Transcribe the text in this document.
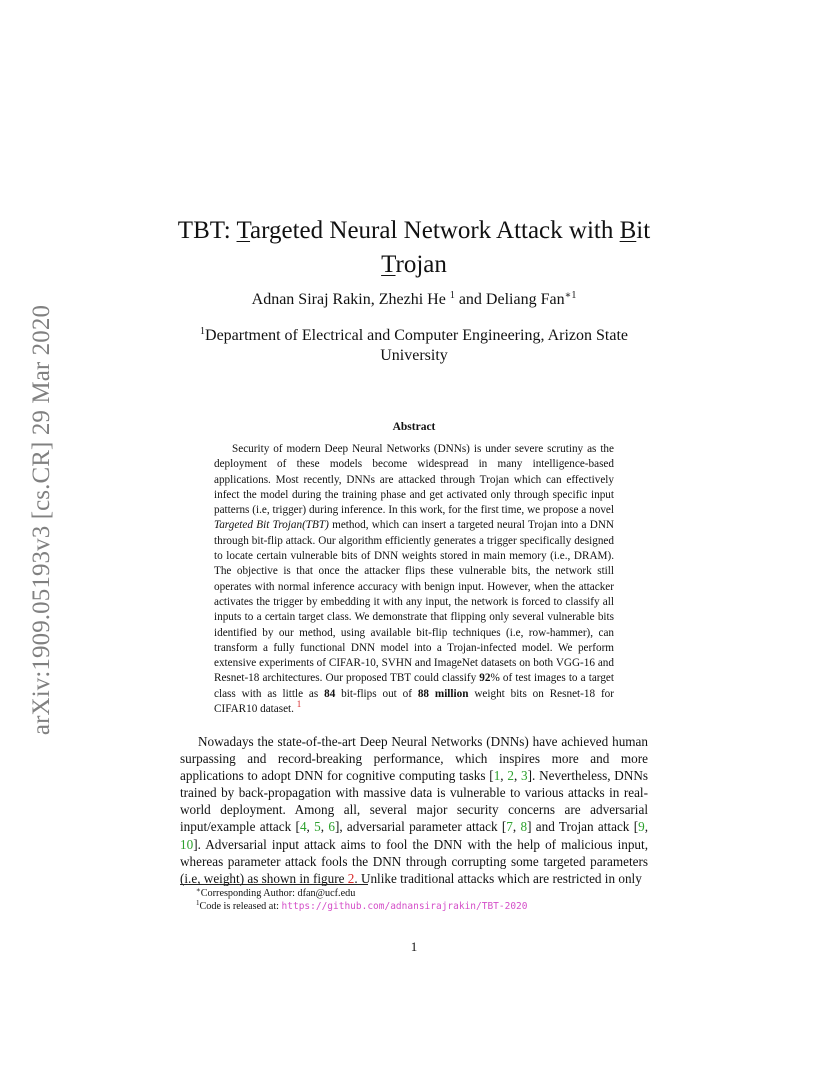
arXiv:1909.05193v3 [cs.CR] 29 Mar 2020
TBT: Targeted Neural Network Attack with Bit
Trojan
Adnan Siraj Rakin, Zhezhi He $^1$ and Deliang Fan$^{∗1}$
$^1$Department of Electrical and Computer Engineering, Arizon State University
Abstract

Security of modern Deep Neural Networks (DNNs) is under severe scrutiny as the deployment of these models become widespread in many intelligence-based applications. Most recently, DNNs are attacked through Trojan which can effectively infect the model during the training phase and get activated only through specific input patterns (i.e, trigger) during inference. In this work, for the first time, we propose a novel Targeted Bit Trojan(TBT) method, which can insert a targeted neural Trojan into a DNN through bit-flip attack. Our algorithm efficiently generates a trigger specifically designed to locate certain vulnerable bits of DNN weights stored in main memory (i.e., DRAM). The objective is that once the attacker flips these vulnerable bits, the network still operates with normal inference accuracy with benign input. However, when the attacker activates the trigger by embedding it with any input, the network is forced to classify all inputs to a certain target class. We demonstrate that flipping only several vulnerable bits identified by our method, using available bit-flip techniques (i.e, row-hammer), can transform a fully functional DNN model into a Trojan-infected model. We perform extensive experiments of CIFAR-10, SVHN and ImageNet datasets on both VGG-16 and Resnet-18 architectures. Our proposed TBT could classify 92% of test images to a target class with as little as 84 bit-flips out of 88 million weight bits on Resnet-18 for CIFAR10 dataset. $^1$

Nowadays the state-of-the-art Deep Neural Networks (DNNs) have achieved human surpassing and record-breaking performance, which inspires more and more applications to adopt DNN for cognitive computing tasks [1, 2, 3]. Nevertheless, DNNs trained by back-propagation with massive data is vulnerable to various attacks in real-world deployment. Among all, several major security concerns are adversarial input/example attack [4, 5, 6], adversarial parameter attack [7, 8] and Trojan attack [9, 10]. Adversarial input attack aims to fool the DNN with the help of malicious input, whereas parameter attack fools the DNN through corrupting some targeted parameters (i.e, weight) as shown in figure 2. Unlike traditional attacks which are restricted in only

∗Corresponding Author: dfan@ucf.edu
$^1$Code is released at: https://github.com/adnansirajrakin/TBT-2020
1
